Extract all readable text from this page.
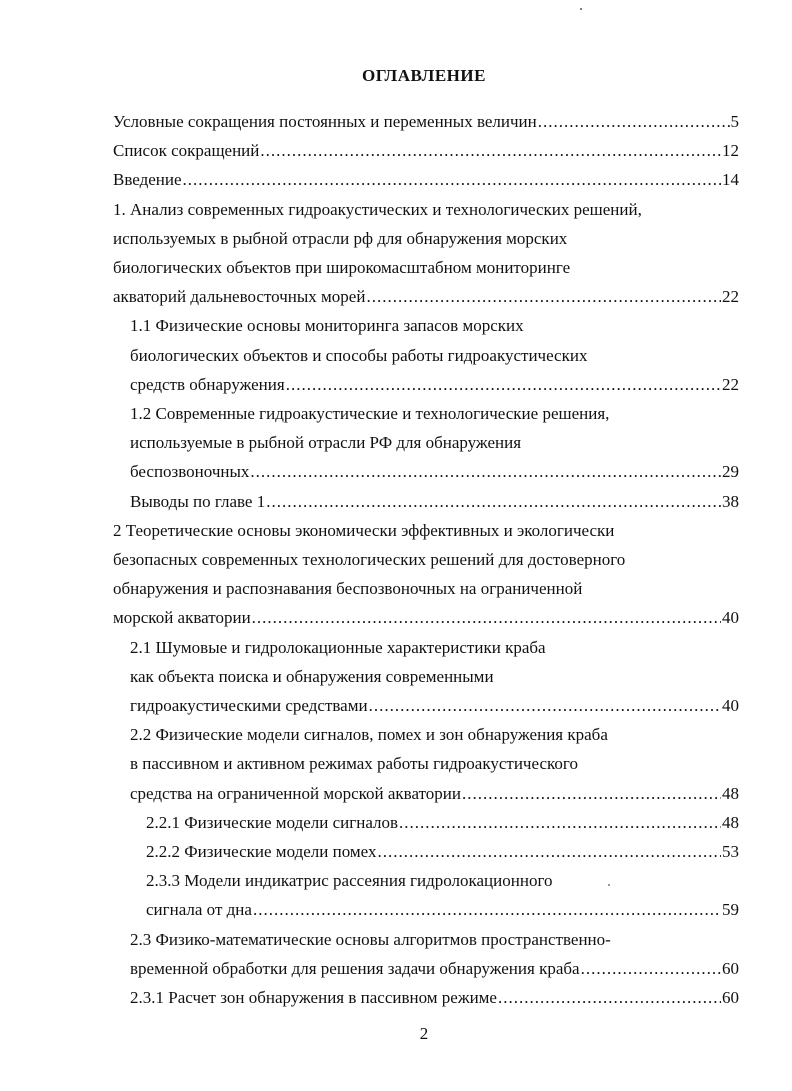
ОГЛАВЛЕНИЕ
Условные сокращения постоянных и переменных величин .....	5
Список сокращений .....	12
Введение .....	14
1. Анализ современных гидроакустических и технологических решений,
используемых в рыбной отрасли рф для обнаружения морских
биологических объектов при широкомасштабном мониторинге
акваторий дальневосточных морей .....	22
1.1 Физические основы мониторинга запасов морских
биологических объектов и способы работы гидроакустических
средств обнаружения .....	22
1.2 Современные гидроакустические и технологические решения,
используемые в рыбной отрасли РФ для обнаружения
беспозвоночных .....	29
Выводы по главе 1 .....	38
2 Теоретические основы экономически эффективных и экологически
безопасных современных технологических решений для достоверного
обнаружения и распознавания беспозвоночных на ограниченной
морской акватории .....	40
2.1 Шумовые и гидролокационные характеристики краба
как объекта поиска и обнаружения современными
гидроакустическими средствами .....	40
2.2 Физические модели сигналов, помех и зон обнаружения краба
в пассивном и активном режимах работы гидроакустического
средства на ограниченной морской акватории .....	48
2.2.1 Физические модели сигналов .....	48
2.2.2 Физические модели помех .....	53
2.3.3 Модели индикатрис рассеяния гидролокационного
сигнала от дна .....	59
2.3 Физико-математические основы алгоритмов пространственно-
временной обработки для решения задачи обнаружения краба .....	60
2.3.1 Расчет зон обнаружения в пассивном режиме .....	60
2
